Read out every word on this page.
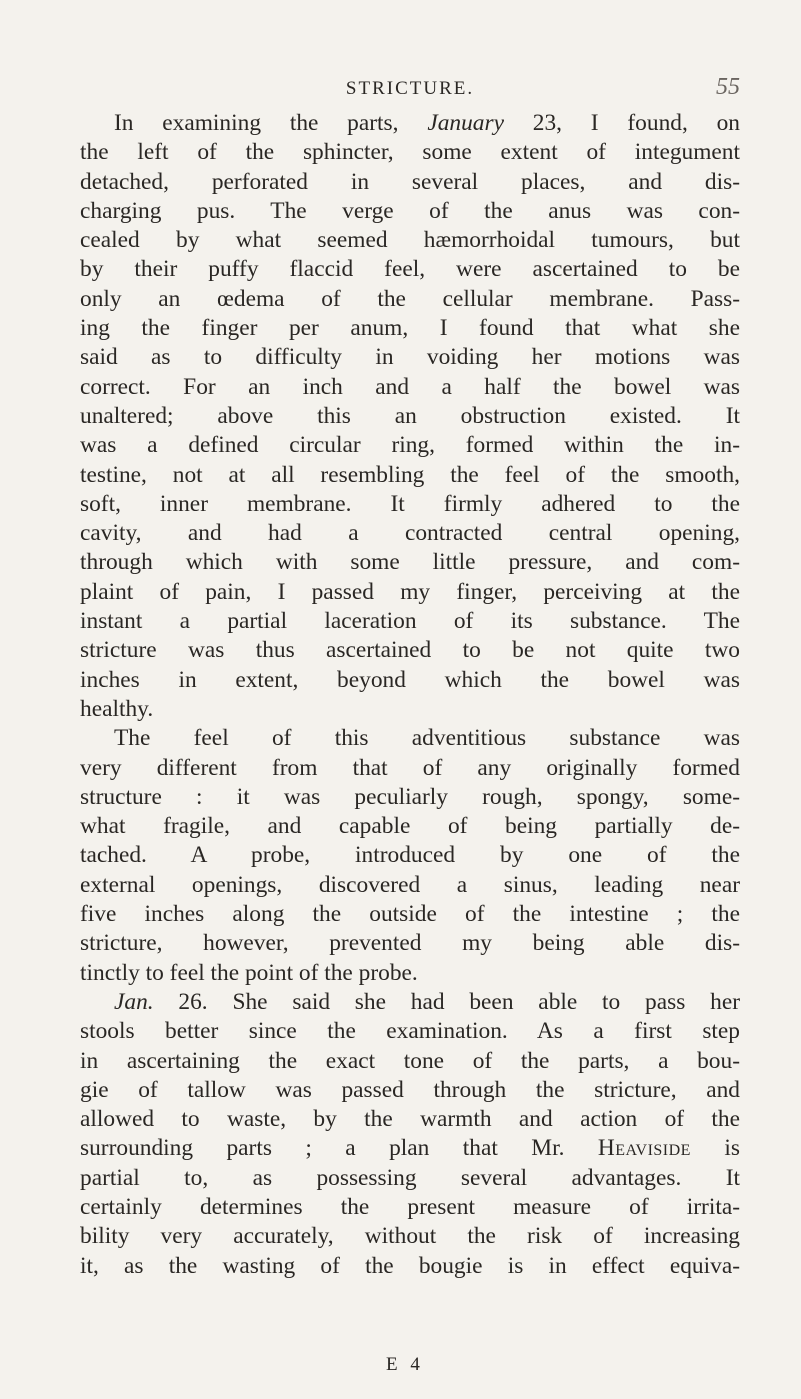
STRICTURE.	55
In examining the parts, January 23, I found, on
the left of the sphincter, some extent of integument
detached, perforated in several places, and dis-
charging pus. The verge of the anus was con-
cealed by what seemed hæmorrhoidal tumours, but
by their puffy flaccid feel, were ascertained to be
only an œdema of the cellular membrane. Pass-
ing the finger per anum, I found that what she
said as to difficulty in voiding her motions was
correct. For an inch and a half the bowel was
unaltered; above this an obstruction existed. It
was a defined circular ring, formed within the in-
testine, not at all resembling the feel of the smooth,
soft, inner membrane. It firmly adhered to the
cavity, and had a contracted central opening,
through which with some little pressure, and com-
plaint of pain, I passed my finger, perceiving at the
instant a partial laceration of its substance. The
stricture was thus ascertained to be not quite two
inches in extent, beyond which the bowel was
healthy.
The feel of this adventitious substance was
very different from that of any originally formed
structure : it was peculiarly rough, spongy, some-
what fragile, and capable of being partially de-
tached. A probe, introduced by one of the
external openings, discovered a sinus, leading near
five inches along the outside of the intestine ; the
stricture, however, prevented my being able dis-
tinctly to feel the point of the probe.
Jan. 26. She said she had been able to pass her
stools better since the examination. As a first step
in ascertaining the exact tone of the parts, a bou-
gie of tallow was passed through the stricture, and
allowed to waste, by the warmth and action of the
surrounding parts ; a plan that Mr. Heaviside is
partial to, as possessing several advantages. It
certainly determines the present measure of irrita-
bility very accurately, without the risk of increasing
it, as the wasting of the bougie is in effect equiva-
E 4
